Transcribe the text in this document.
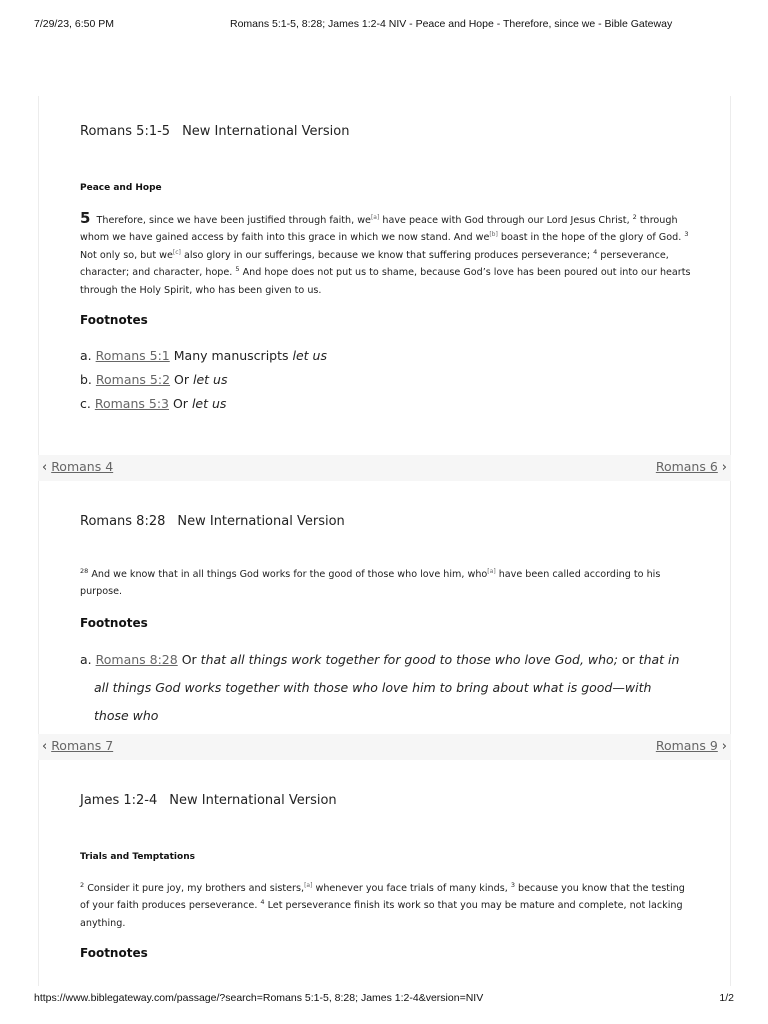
7/29/23, 6:50 PM	Romans 5:1-5, 8:28; James 1:2-4 NIV - Peace and Hope - Therefore, since we - Bible Gateway
Romans 5:1-5 New International Version
Peace and Hope
5 Therefore, since we have been justified through faith, we[a] have peace with God through our Lord Jesus Christ, $^2$ through whom we have gained access by faith into this grace in which we now stand. And we[b] boast in the hope of the glory of God. $^3$ Not only so, but we[c] also glory in our sufferings, because we know that suffering produces perseverance; $^4$ perseverance, character; and character, hope. $^5$ And hope does not put us to shame, because God’s love has been poured out into our hearts through the Holy Spirit, who has been given to us.
Footnotes
a. Romans 5:1 Many manuscripts let us
b. Romans 5:2 Or let us
c. Romans 5:3 Or let us
‹ Romans 4	Romans 6 ›
Romans 8:28 New International Version
$^{28}$ And we know that in all things God works for the good of those who love him, who[a] have been called according to his purpose.
Footnotes
a. Romans 8:28 Or that all things work together for good to those who love God, who; or that in all things God works together with those who love him to bring about what is good—with those who
‹ Romans 7	Romans 9 ›
James 1:2-4 New International Version
Trials and Temptations
$^2$ Consider it pure joy, my brothers and sisters,[a] whenever you face trials of many kinds, $^3$ because you know that the testing of your faith produces perseverance. $^4$ Let perseverance finish its work so that you may be mature and complete, not lacking anything.
Footnotes
https://www.biblegateway.com/passage/?search=Romans 5:1-5, 8:28; James 1:2-4&version=NIV	1/2
